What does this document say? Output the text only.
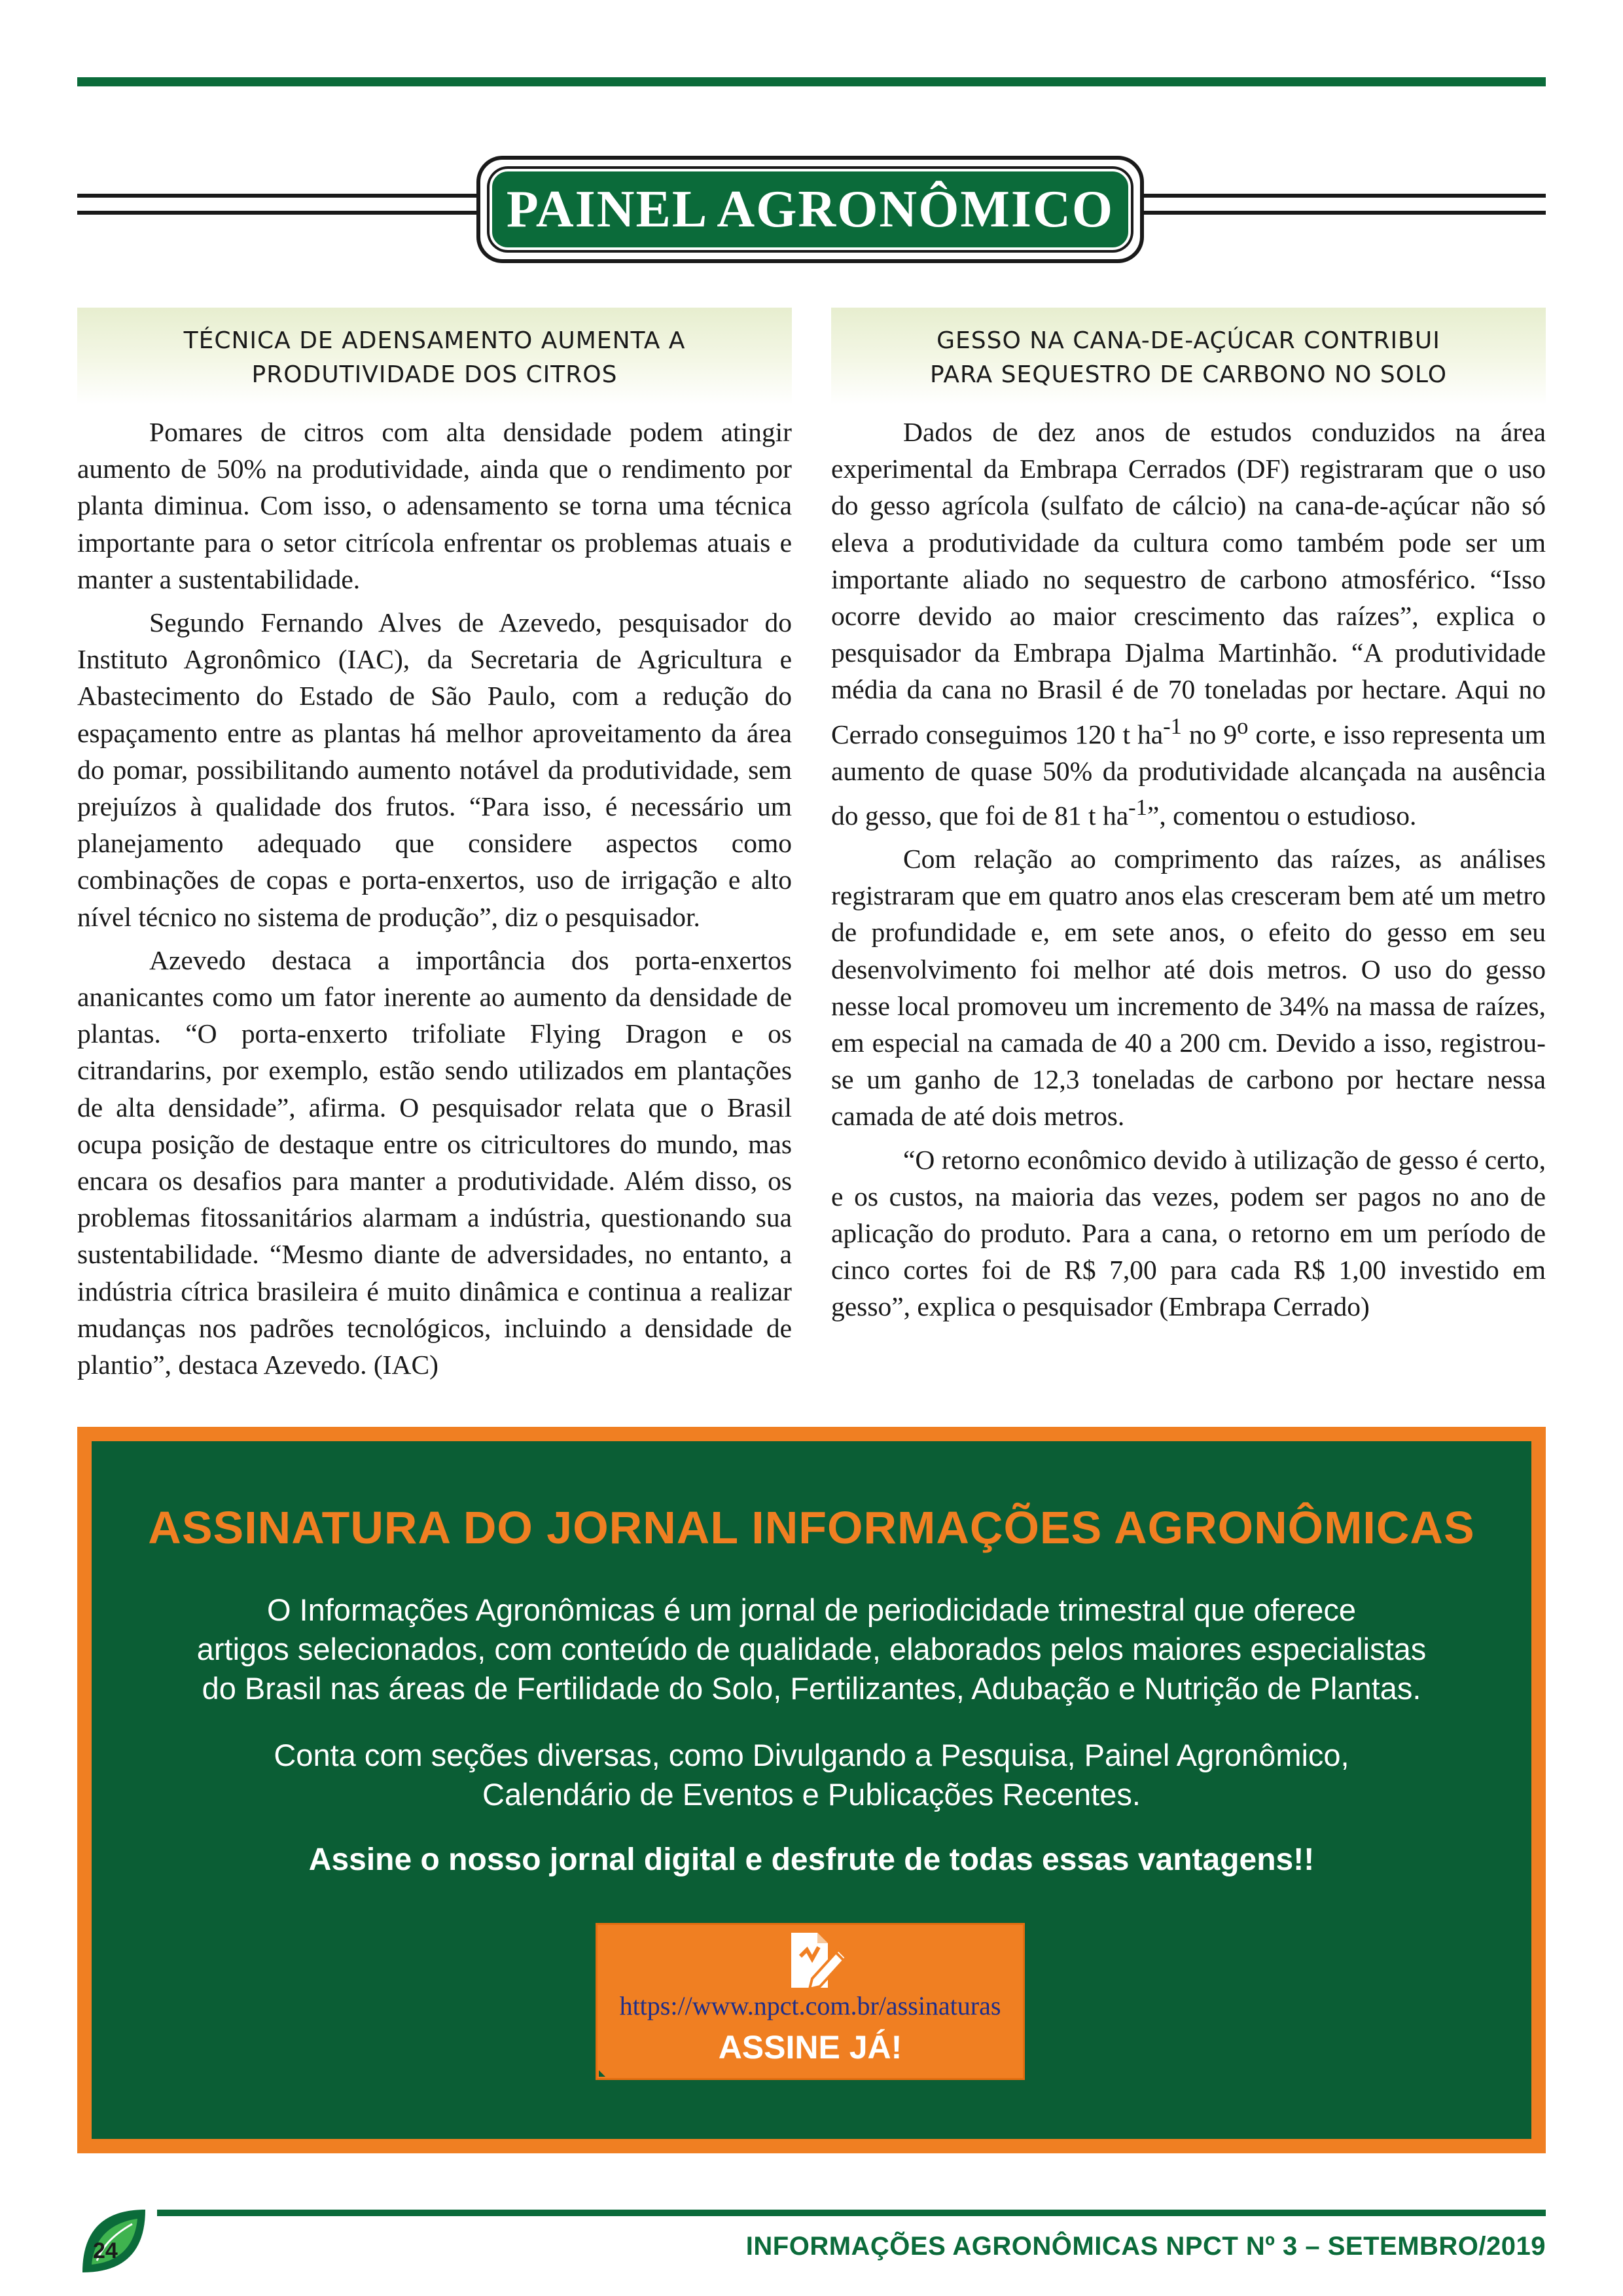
PAINEL AGRONÔMICO
TÉCNICA DE ADENSAMENTO AUMENTA A
PRODUTIVIDADE DOS CITROS

Pomares de citros com alta densidade podem atingir aumento de 50% na produtividade, ainda que o rendimento por planta diminua. Com isso, o adensamento se torna uma técnica importante para o setor citrícola enfrentar os problemas atuais e manter a sustentabilidade.

Segundo Fernando Alves de Azevedo, pesquisador do Instituto Agronômico (IAC), da Secretaria de Agricultura e Abastecimento do Estado de São Paulo, com a redução do espaçamento entre as plantas há melhor aproveitamento da área do pomar, possibilitando aumento notável da produtividade, sem prejuízos à qualidade dos frutos. “Para isso, é necessário um planejamento adequado que considere aspectos como combinações de copas e porta-enxertos, uso de irrigação e alto nível técnico no sistema de produção”, diz o pesquisador.

Azevedo destaca a importância dos porta-enxertos ananicantes como um fator inerente ao aumento da densidade de plantas. “O porta-enxerto trifoliate Flying Dragon e os citrandarins, por exemplo, estão sendo utilizados em plantações de alta densidade”, afirma. O pesquisador relata que o Brasil ocupa posição de destaque entre os citricultores do mundo, mas encara os desafios para manter a produtividade. Além disso, os problemas fitossanitários alarmam a indústria, questionando sua sustentabilidade. “Mesmo diante de adversidades, no entanto, a indústria cítrica brasileira é muito dinâmica e continua a realizar mudanças nos padrões tecnológicos, incluindo a densidade de plantio”, destaca Azevedo. (IAC)

GESSO NA CANA-DE-AÇÚCAR CONTRIBUI
PARA SEQUESTRO DE CARBONO NO SOLO

Dados de dez anos de estudos conduzidos na área experimental da Embrapa Cerrados (DF) registraram que o uso do gesso agrícola (sulfato de cálcio) na cana-de-açúcar não só eleva a produtividade da cultura como também pode ser um importante aliado no sequestro de carbono atmosférico. “Isso ocorre devido ao maior crescimento das raízes”, explica o pesquisador da Embrapa Djalma Martinhão. “A produtividade média da cana no Brasil é de 70 toneladas por hectare. Aqui no Cerrado conseguimos 120 t $ha^{-1}$ no 9$^o$ corte, e isso representa um aumento de quase 50% da produtividade alcançada na ausência do gesso, que foi de 81 t $ha^{-1}$”, comentou o estudioso.

Com relação ao comprimento das raízes, as análises registraram que em quatro anos elas cresceram bem até um metro de profundidade e, em sete anos, o efeito do gesso em seu desenvolvimento foi melhor até dois metros. O uso do gesso nesse local promoveu um incremento de 34% na massa de raízes, em especial na camada de 40 a 200 cm. Devido a isso, registrou-se um ganho de 12,3 toneladas de carbono por hectare nessa camada de até dois metros.

“O retorno econômico devido à utilização de gesso é certo, e os custos, na maioria das vezes, podem ser pagos no ano de aplicação do produto. Para a cana, o retorno em um período de cinco cortes foi de R$ 7,00 para cada R$ 1,00 investido em gesso”, explica o pesquisador (Embrapa Cerrado)

ASSINATURA DO JORNAL INFORMAÇÕES AGRONÔMICAS
O Informações Agronômicas é um jornal de periodicidade trimestral que oferece
artigos selecionados, com conteúdo de qualidade, elaborados pelos maiores especialistas
do Brasil nas áreas de Fertilidade do Solo, Fertilizantes, Adubação e Nutrição de Plantas.
Conta com seções diversas, como Divulgando a Pesquisa, Painel Agronômico,
Calendário de Eventos e Publicações Recentes.
Assine o nosso jornal digital e desfrute de todas essas vantagens!!
https://www.npct.com.br/assinaturas
ASSINE JÁ!
24	INFORMAÇÕES AGRONÔMICAS NPCT Nº 3 – SETEMBRO/2019
